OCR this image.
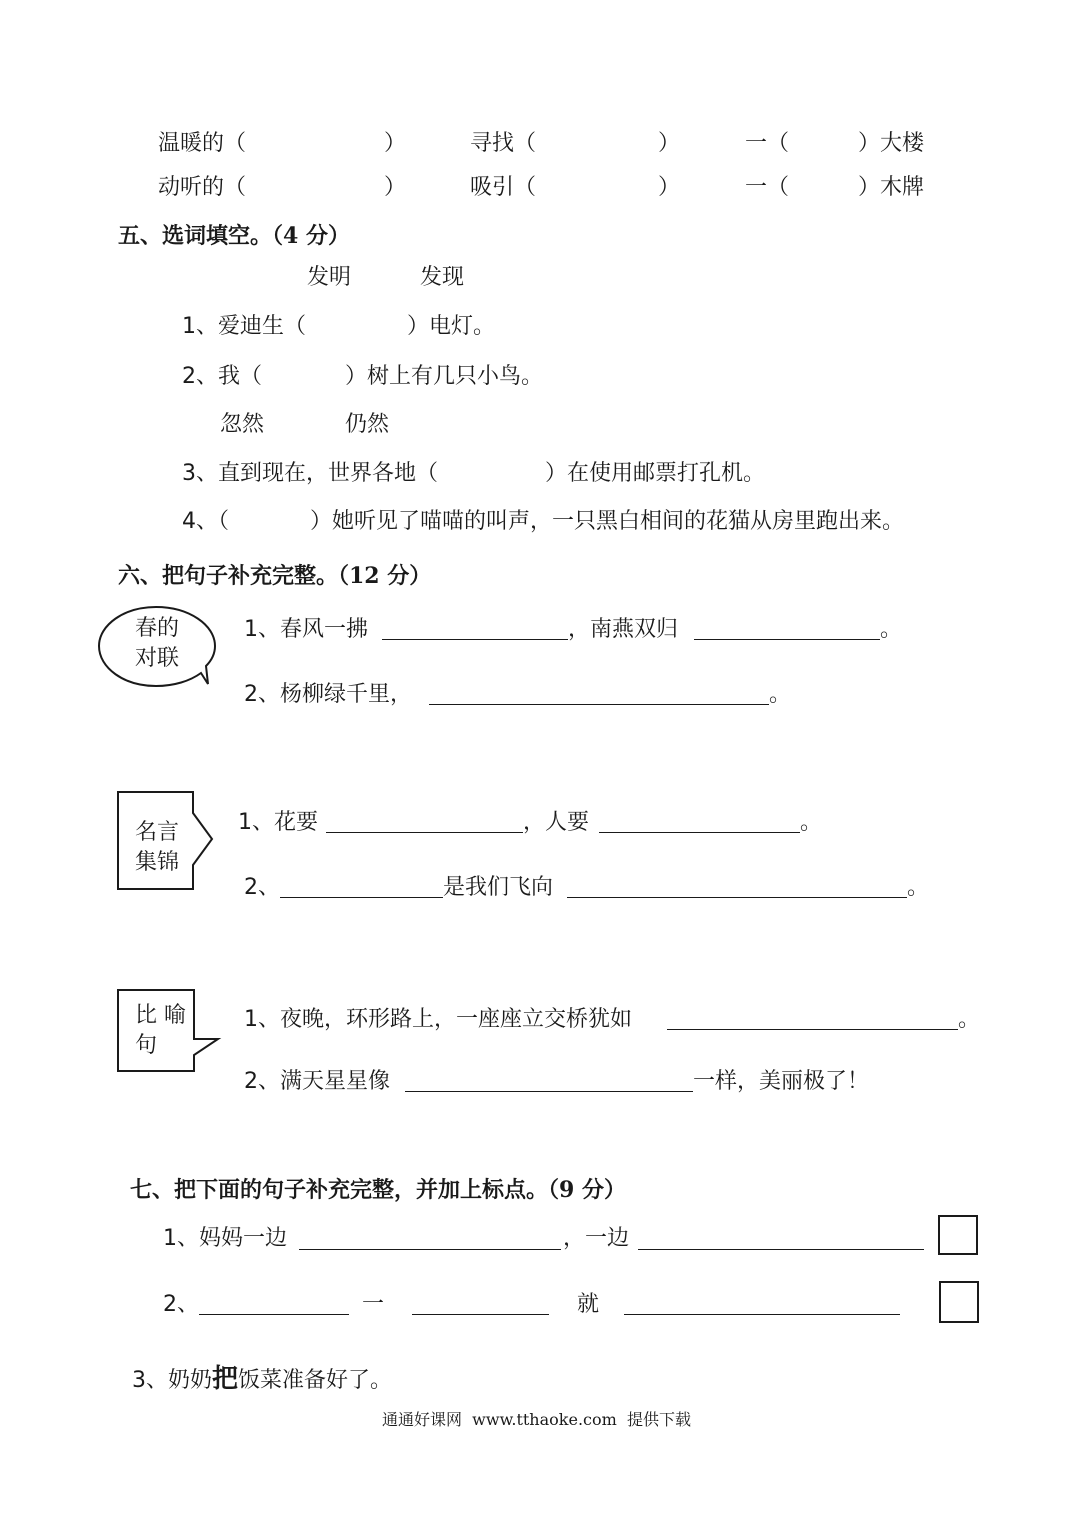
温暖的（	）	寻找（	）	一（	）大楼
动听的（	）	吸引（	）	一（	）木牌
五、选词填空。（4 分）
发明	发现
1、爱迪生（	）电灯。
2、我（	）树上有几只小鸟。
忽然	仍然
3、直到现在，世界各地（	）在使用邮票打孔机。
4、（	）她听见了喵喵的叫声，一只黑白相间的花猫从房里跑出来。
六、把句子补充完整。（12 分）
春的
对联
1、春风一拂	，南燕双归	。
2、杨柳绿千里，	。
名言
集锦
1、花要	，人要	。
2、	是我们飞向	。
比 喻
句
1、夜晚，环形路上，一座座立交桥犹如	。
2、满天星星像	一样，美丽极了！
七、把下面的句子补充完整，并加上标点。（9 分）
1、妈妈一边	，一边
2、	一	就

3、奶奶把饭菜准备好了。

通通好课网  www.tthaoke.com  提供下载
